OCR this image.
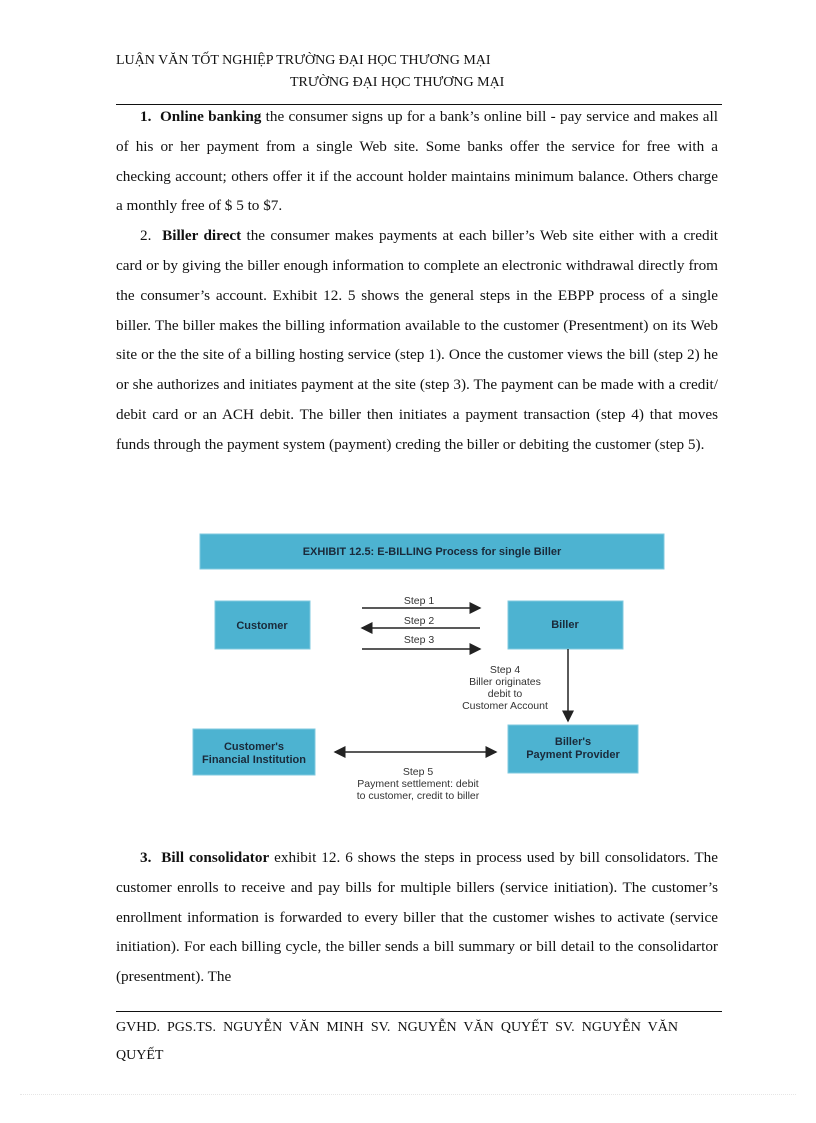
LUẬN VĂN TỐT NGHIỆP TRƯỜNG ĐẠI HỌC THƯƠNG MẠI
TRƯỜNG ĐẠI HỌC THƯƠNG MẠI

1. Online banking the consumer signs up for a bank’s online bill - pay service and makes all of his or her payment from a single Web site. Some banks offer the service for free with a checking account; others offer it if the account holder maintains minimum balance. Others charge a monthly free of $ 5 to $7.

2. Biller direct the consumer makes payments at each biller’s Web site either with a credit card or by giving the biller enough information to complete an electronic withdrawal directly from the consumer’s account. Exhibit 12. 5 shows the general steps in the EBPP process of a single biller. The biller makes the billing information available to the customer (Presentment) on its Web site or the the site of a billing hosting service (step 1). Once the customer views the bill (step 2) he or she authorizes and initiates payment at the site (step 3). The payment can be made with a credit/ debit card or an ACH debit. The biller then initiates a payment transaction (step 4) that moves funds through the payment system (payment) creding the biller or debiting the customer (step 5).

EXHIBIT 12.5: E-BILLING Process for single Biller
Customer	Biller
Step 1
Step 2
Step 3
Step 4
Biller originates
debit to
Customer Account
Customer's
Financial Institution
Biller's
Payment Provider
Step 5
Payment settlement: debit
to customer, credit to biller

3. Bill consolidator exhibit 12. 6 shows the steps in process used by bill consolidators. The customer enrolls to receive and pay bills for multiple billers (service initiation). The customer’s enrollment information is forwarded to every biller that the customer wishes to activate (service initiation). For each billing cycle, the biller sends a bill summary or bill detail to the consolidartor (presentment). The

GVHD. PGS.TS. NGUYỄN VĂN MINH SV. NGUYỄN VĂN QUYẾT SV. NGUYỄN VĂN QUYẾT
